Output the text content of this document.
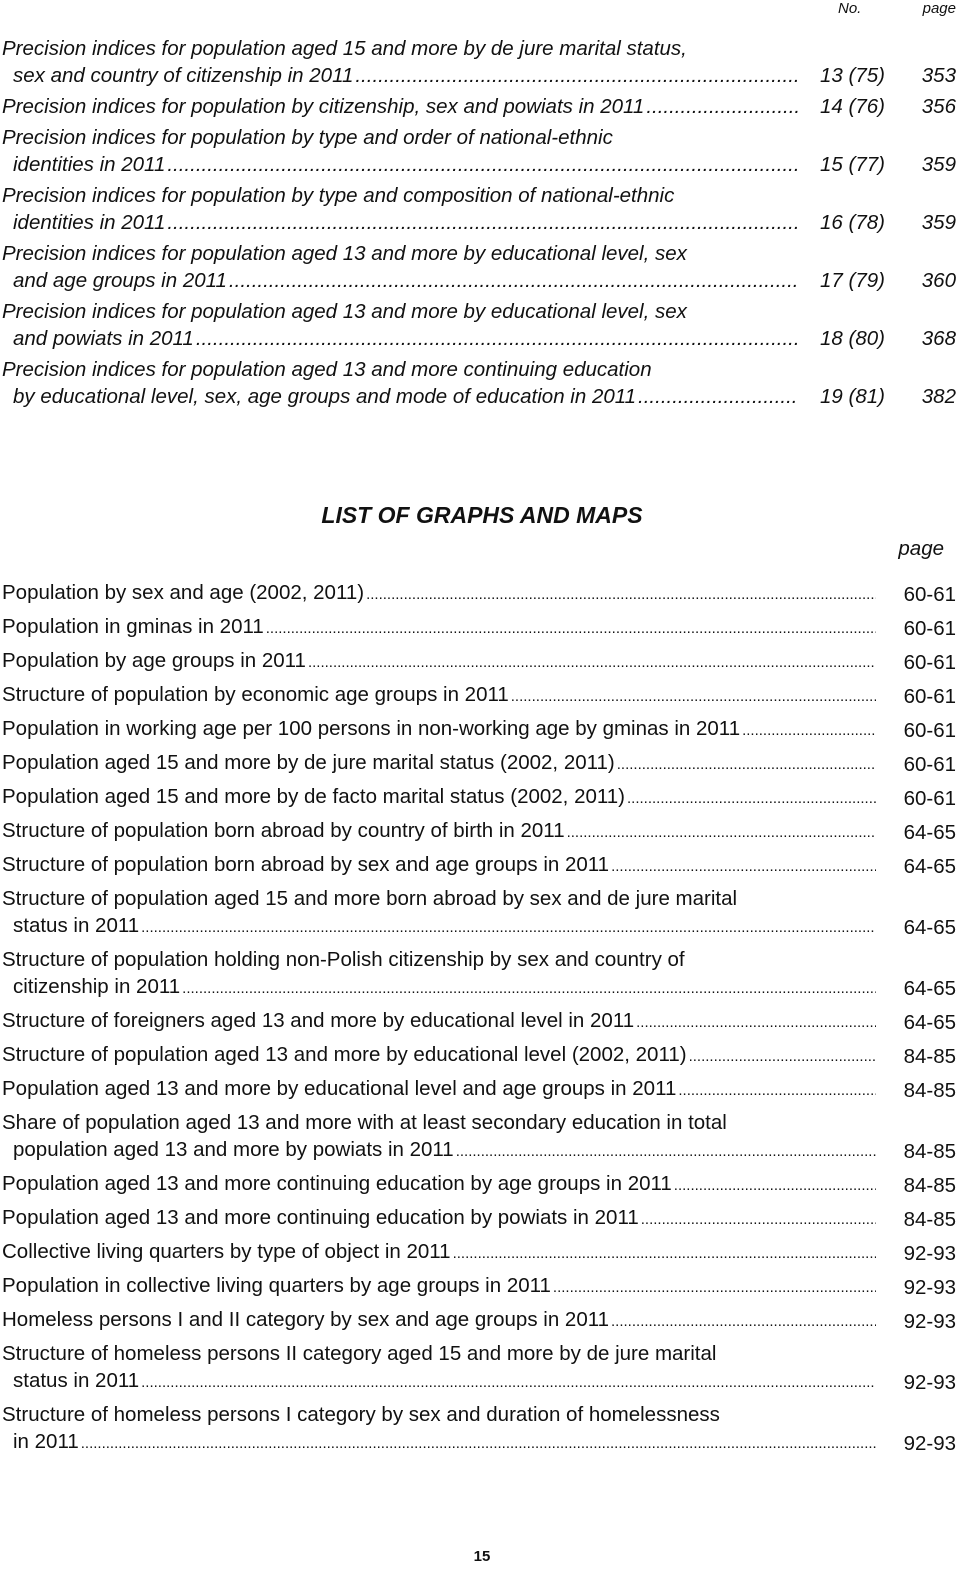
No.	page
Precision indices for population aged 15 and more by de jure marital status,
sex and country of citizenship in 2011 .....	13 (75)	353
Precision indices for population by citizenship, sex and powiats in 2011 .....	14 (76)	356
Precision indices for population by type and order of national-ethnic
identities in 2011 .....	15 (77)	359
Precision indices for population by type and composition of national-ethnic
identities in 2011 .....	16 (78)	359
Precision indices for population aged 13 and more by educational level, sex
and age groups in 2011 .....	17 (79)	360
Precision indices for population aged 13 and more by educational level, sex
and powiats in 2011 .....	18 (80)	368
Precision indices for population aged 13 and more continuing education
by educational level, sex, age groups and mode of education in 2011 .....	19 (81)	382
LIST OF GRAPHS AND MAPS
page
Population by sex and age (2002, 2011) .....	60-61
Population in gminas in 2011 .....	60-61
Population by age groups in 2011 .....	60-61
Structure of population by economic age groups in 2011 .....	60-61
Population in working age per 100 persons in non-working age by gminas in 2011 .....	60-61
Population aged 15 and more by de jure marital status (2002, 2011) .....	60-61
Population aged 15 and more by de facto marital status (2002, 2011) .....	60-61
Structure of population born abroad by country of birth in 2011 .....	64-65
Structure of population born abroad by sex and age groups in 2011 .....	64-65
Structure of population aged 15 and more born abroad by sex and de jure marital
status in 2011 .....	64-65
Structure of population holding non-Polish citizenship by sex and country of
citizenship in 2011 .....	64-65
Structure of foreigners aged 13 and more by educational level in 2011 .....	64-65
Structure of population aged 13 and more by educational level (2002, 2011) .....	84-85
Population aged 13 and more by educational level and age groups in 2011 .....	84-85
Share of population aged 13 and more with at least secondary education in total
population aged 13 and more by powiats in 2011 .....	84-85
Population aged 13 and more continuing education by age groups in 2011 .....	84-85
Population aged 13 and more continuing education by powiats in 2011 .....	84-85
Collective living quarters by type of object in 2011 .....	92-93
Population in collective living quarters by age groups in 2011 .....	92-93
Homeless persons I and II category by sex and age groups in 2011 .....	92-93
Structure of homeless persons II category aged 15 and more by de jure marital
status in 2011 .....	92-93
Structure of homeless persons I category by sex and duration of homelessness
in 2011 .....	92-93
15
